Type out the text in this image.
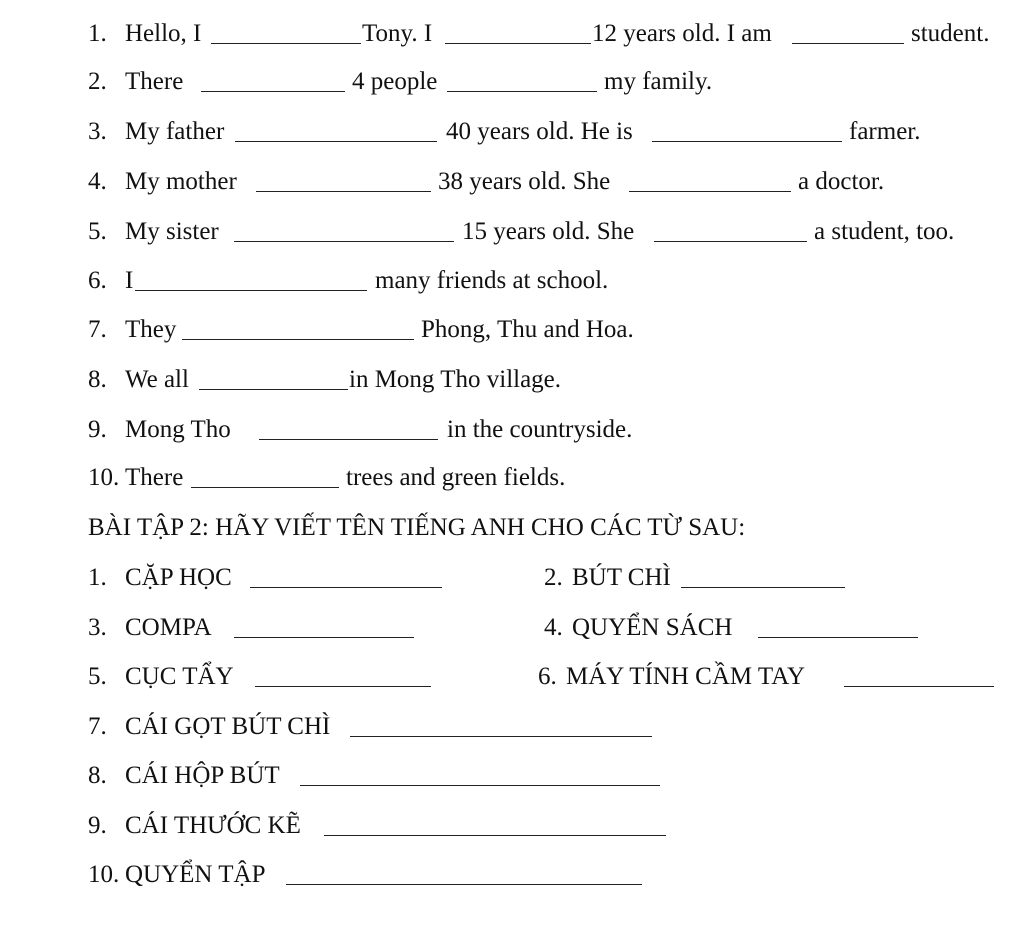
1. Hello, I	Tony. I	12 years old. I am	student.
2. There	4 people	my family.
3. My father	40 years old. He is	farmer.
4. My mother	38 years old. She	a doctor.
5. My sister	15 years old. She	a student, too.
6. I	many friends at school.
7. They	Phong, Thu and Hoa.
8. We all	in Mong Tho village.
9. Mong Tho	in the countryside.
10. There	trees and green fields.
BÀI TẬP 2: HÃY VIẾT TÊN TIẾNG ANH CHO CÁC TỪ SAU:
1. CẶP HỌC	2. BÚT CHÌ
3. COMPA	4. QUYỂN SÁCH
5. CỤC TẨY	6. MÁY TÍNH CẦM TAY
7. CÁI GỌT BÚT CHÌ
8. CÁI HỘP BÚT
9. CÁI THƯỚC KẼ
10. QUYỂN TẬP
